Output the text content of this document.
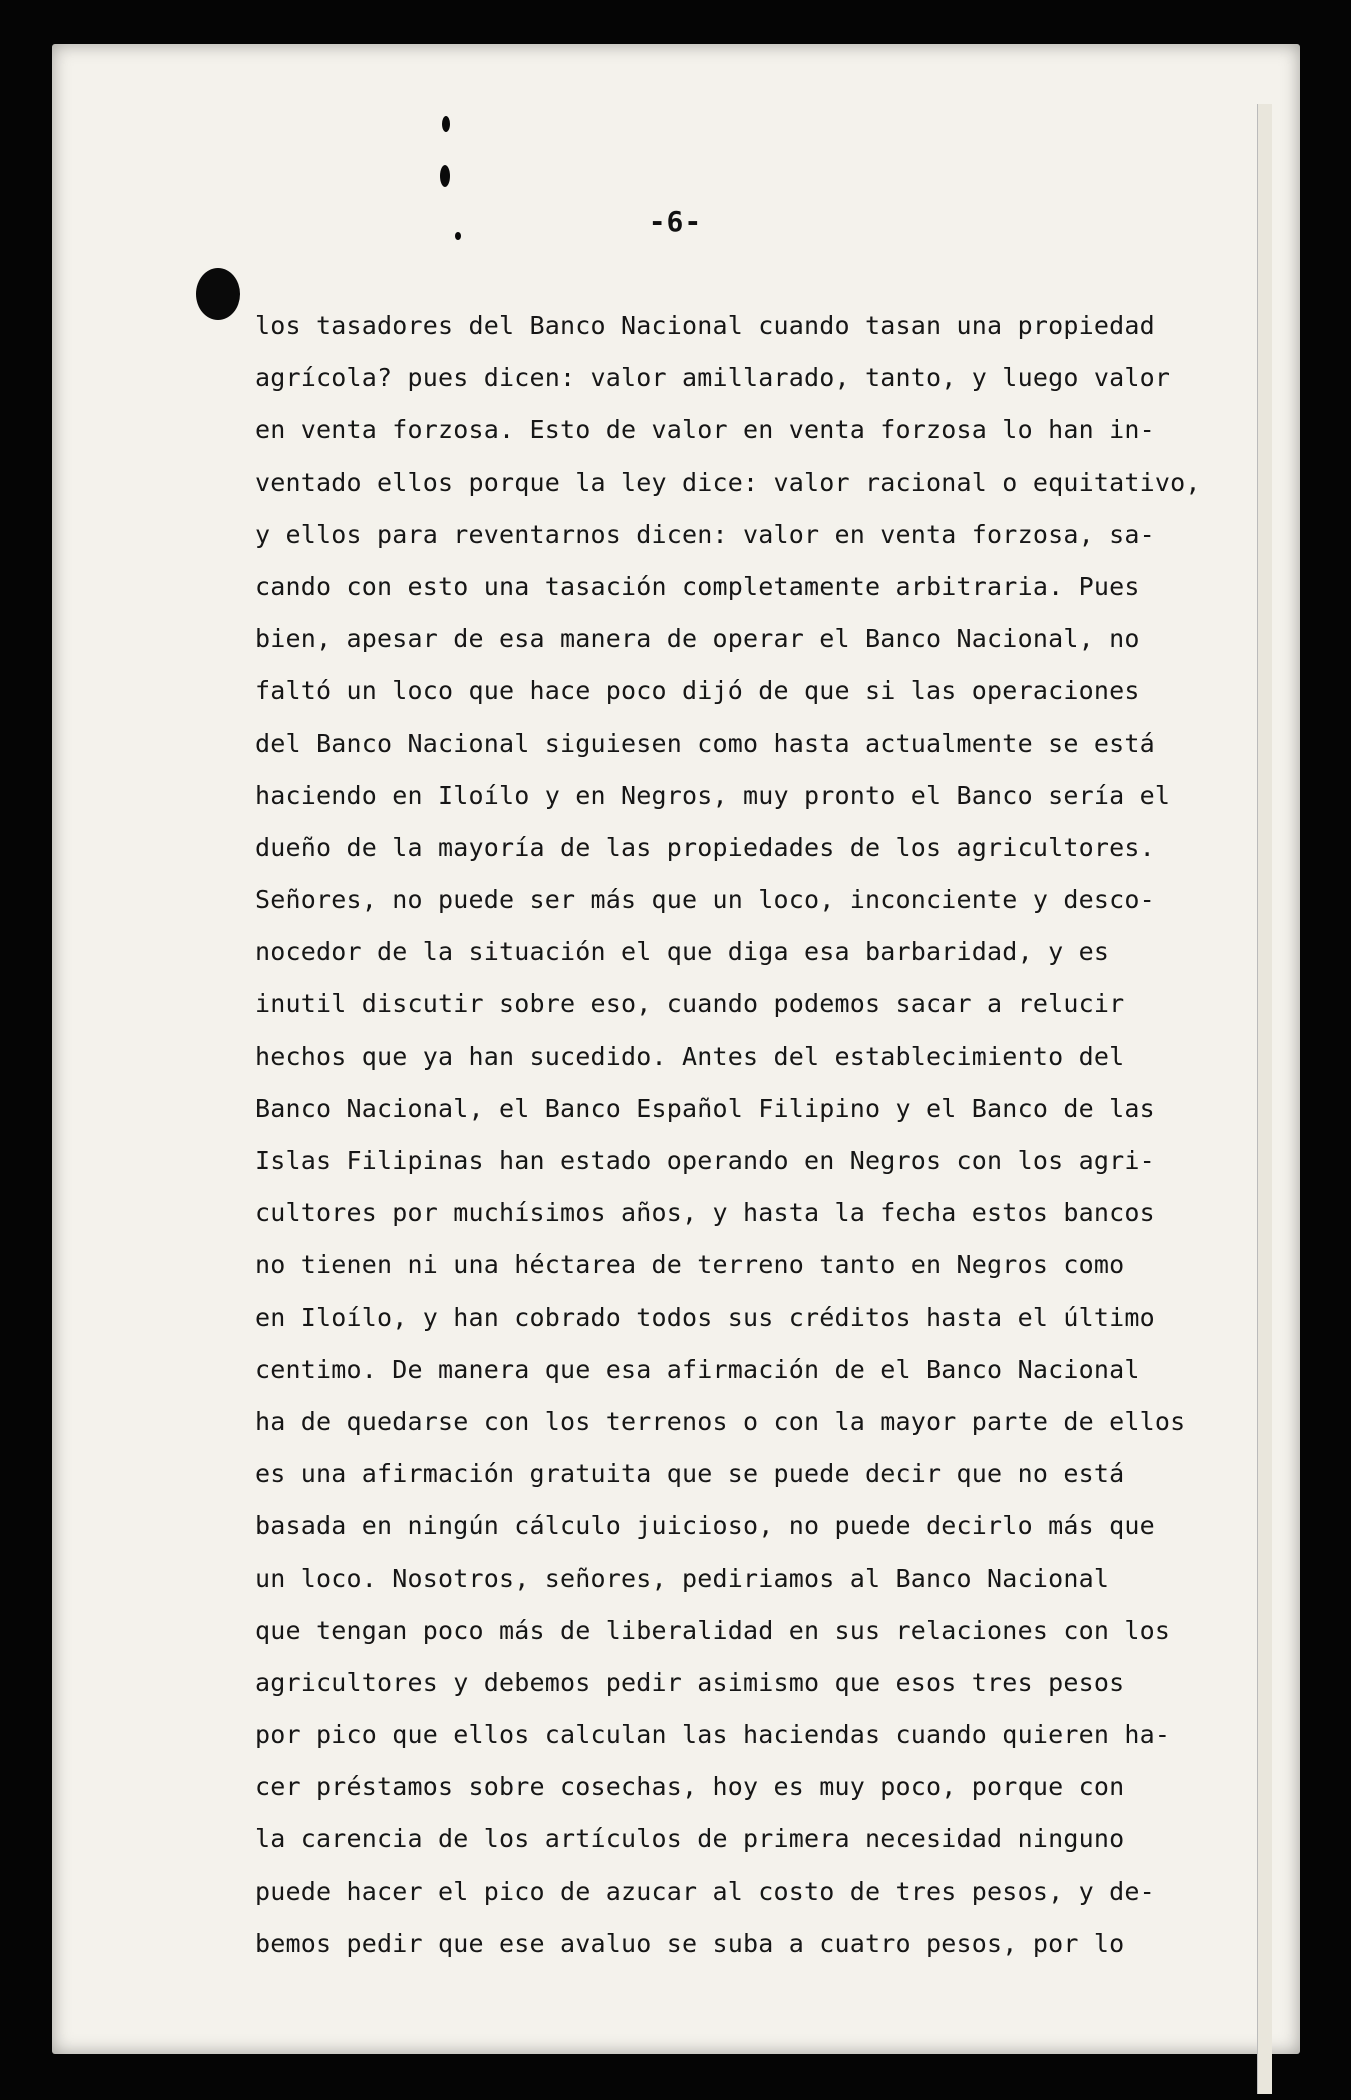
-6-
los tasadores del Banco Nacional cuando tasan una propiedad
agrícola? pues dicen: valor amillarado, tanto, y luego valor
en venta forzosa. Esto de valor en venta forzosa lo han in-
ventado ellos porque la ley dice: valor racional o equitativo,
y ellos para reventarnos dicen: valor en venta forzosa, sa-
cando con esto una tasación completamente arbitraria. Pues
bien, apesar de esa manera de operar el Banco Nacional, no
faltó un loco que hace poco dijó de que si las operaciones
del Banco Nacional siguiesen como hasta actualmente se está
haciendo en Iloílo y en Negros, muy pronto el Banco sería el
dueño de la mayoría de las propiedades de los agricultores.
Señores, no puede ser más que un loco, inconciente y desco-
nocedor de la situación el que diga esa barbaridad, y es
inutil discutir sobre eso, cuando podemos sacar a relucir
hechos que ya han sucedido. Antes del establecimiento del
Banco Nacional, el Banco Español Filipino y el Banco de las
Islas Filipinas han estado operando en Negros con los agri-
cultores por muchísimos años, y hasta la fecha estos bancos
no tienen ni una héctarea de terreno tanto en Negros como
en Iloílo, y han cobrado todos sus créditos hasta el último
centimo. De manera que esa afirmación de el Banco Nacional
ha de quedarse con los terrenos o con la mayor parte de ellos
es una afirmación gratuita que se puede decir que no está
basada en ningún cálculo juicioso, no puede decirlo más que
un loco. Nosotros, señores, pediriamos al Banco Nacional
que tengan poco más de liberalidad en sus relaciones con los
agricultores y debemos pedir asimismo que esos tres pesos
por pico que ellos calculan las haciendas cuando quieren ha-
cer préstamos sobre cosechas, hoy es muy poco, porque con
la carencia de los artículos de primera necesidad ninguno
puede hacer el pico de azucar al costo de tres pesos, y de-
bemos pedir que ese avaluo se suba a cuatro pesos, por lo
